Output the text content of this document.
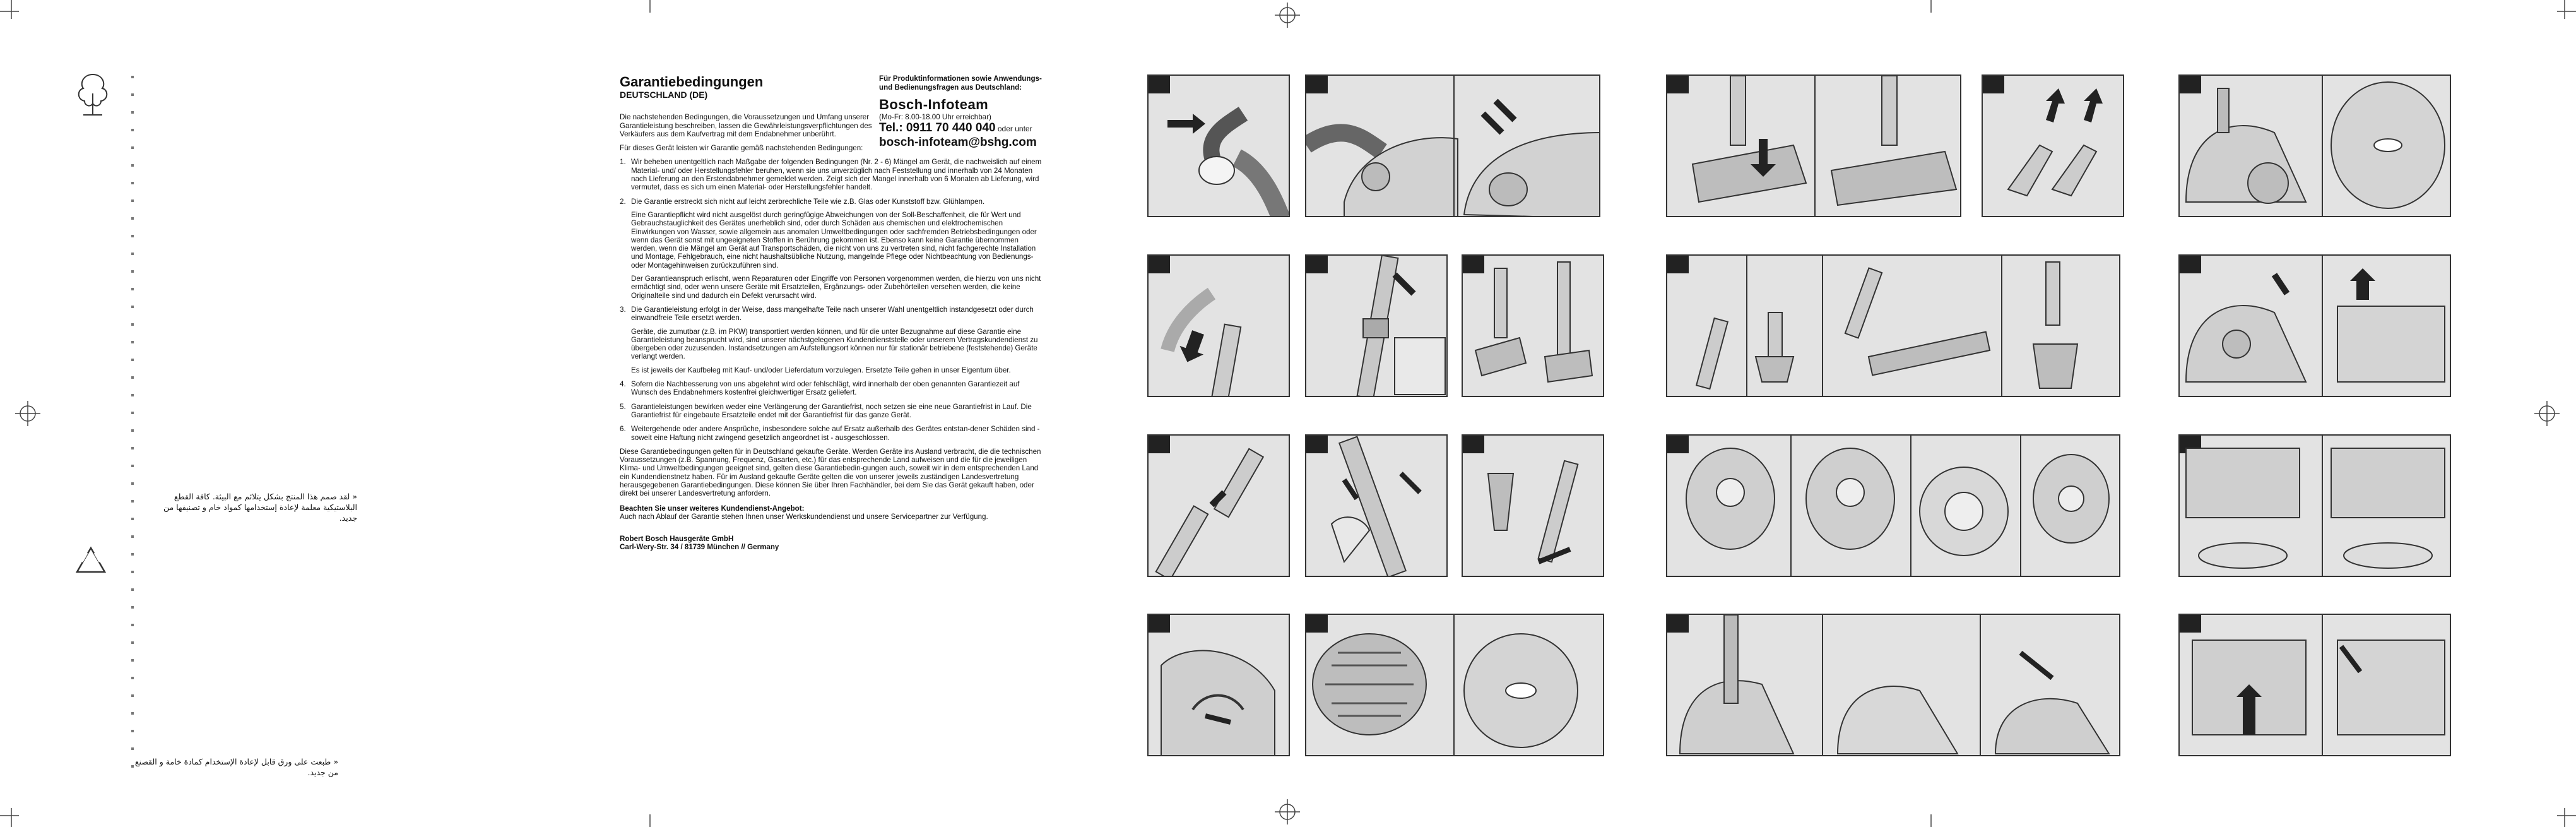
« لقد صمم هذا المنتج بشكل يتلائم مع البيئة. كافة القطع البلاستيكية معلمة لإعادة إستخدامها كمواد خام و تصنيفها من جديد.
« طبعت على ورق قابل لإعادة الإستخدام كمادة خامة و القصنع من جديد.
Garantiebedingungen
DEUTSCHLAND (DE)

Die nachstehenden Bedingungen, die Voraussetzungen und Umfang unserer Garantieleistung beschreiben, lassen die Gewährleistungsverpflichtungen des Verkäufers aus dem Kaufvertrag mit dem Endabnehmer unberührt.

Für dieses Gerät leisten wir Garantie gemäß nachstehenden Bedingungen:

1. Wir beheben unentgeltlich nach Maßgabe der folgenden Bedingungen (Nr. 2 - 6) Mängel am Gerät, die nachweislich auf einem Material- und/ oder Herstellungsfehler beruhen, wenn sie uns unverzüglich nach Feststellung und innerhalb von 24 Monaten nach Lieferung an den Erstendabnehmer gemeldet werden. Zeigt sich der Mangel innerhalb von 6 Monaten ab Lieferung, wird vermutet, dass es sich um einen Material- oder Herstellungsfehler handelt.
2. Die Garantie erstreckt sich nicht auf leicht zerbrechliche Teile wie z.B. Glas oder Kunststoff bzw. Glühlampen.

Eine Garantiepflicht wird nicht ausgelöst durch geringfügige Abweichungen von der Soll-Beschaffenheit, die für Wert und Gebrauchstauglichkeit des Gerätes unerheblich sind, oder durch Schäden aus chemischen und elektrochemischen Einwirkungen von Wasser, sowie allgemein aus anomalen Umweltbedingungen oder sachfremden Betriebsbedingungen oder wenn das Gerät sonst mit ungeeigneten Stoffen in Berührung gekommen ist. Ebenso kann keine Garantie übernommen werden, wenn die Mängel am Gerät auf Transportschäden, die nicht von uns zu vertreten sind, nicht fachgerechte Installation und Montage, Fehlgebrauch, eine nicht haushaltsübliche Nutzung, mangelnde Pflege oder Nichtbeachtung von Bedienungs- oder Montagehinweisen zurückzuführen sind.

Der Garantieanspruch erlischt, wenn Reparaturen oder Eingriffe von Personen vorgenommen werden, die hierzu von uns nicht ermächtigt sind, oder wenn unsere Geräte mit Ersatzteilen, Ergänzungs- oder Zubehörteilen versehen werden, die keine Originalteile sind und dadurch ein Defekt verursacht wird.

3. Die Garantieleistung erfolgt in der Weise, dass mangelhafte Teile nach unserer Wahl unentgeltlich instandgesetzt oder durch einwandfreie Teile ersetzt werden.

Geräte, die zumutbar (z.B. im PKW) transportiert werden können, und für die unter Bezugnahme auf diese Garantie eine Garantieleistung beansprucht wird, sind unserer nächstgelegenen Kundendienststelle oder unserem Vertragskundendienst zu übergeben oder zuzusenden. Instandsetzungen am Aufstellungsort können nur für stationär betriebene (feststehende) Geräte verlangt werden.

Es ist jeweils der Kaufbeleg mit Kauf- und/oder Lieferdatum vorzulegen. Ersetzte Teile gehen in unser Eigentum über.

4. Sofern die Nachbesserung von uns abgelehnt wird oder fehlschlägt, wird innerhalb der oben genannten Garantiezeit auf Wunsch des Endabnehmers kostenfrei gleichwertiger Ersatz geliefert.
5. Garantieleistungen bewirken weder eine Verlängerung der Garantiefrist, noch setzen sie eine neue Garantiefrist in Lauf. Die Garantiefrist für eingebaute Ersatzteile endet mit der Garantiefrist für das ganze Gerät.
6. Weitergehende oder andere Ansprüche, insbesondere solche auf Ersatz außerhalb des Gerätes entstan-dener Schäden sind - soweit eine Haftung nicht zwingend gesetzlich angeordnet ist - ausgeschlossen.

Diese Garantiebedingungen gelten für in Deutschland gekaufte Geräte. Werden Geräte ins Ausland verbracht, die die technischen Voraussetzungen (z.B. Spannung, Frequenz, Gasarten, etc.) für das entsprechende Land aufweisen und die für die jeweiligen Klima- und Umweltbedingungen geeignet sind, gelten diese Garantiebedin-gungen auch, soweit wir in dem entsprechenden Land ein Kundendienstnetz haben. Für im Ausland gekaufte Geräte gelten die von unserer jeweils zuständigen Landesvertretung herausgegebenen Garantiebedingungen. Diese können Sie über Ihren Fachhändler, bei dem Sie das Gerät gekauft haben, oder direkt bei unserer Landesvertretung anfordern.

Beachten Sie unser weiteres Kundendienst-Angebot:
Auch nach Ablauf der Garantie stehen Ihnen unser Werkskundendienst und unsere Servicepartner zur Verfügung.
Robert Bosch Hausgeräte GmbH
Carl-Wery-Str. 34 / 81739 München // Germany
Für Produktinformationen sowie Anwendungs-
und Bedienungsfragen aus Deutschland:
Bosch-Infoteam
(Mo-Fr: 8.00-18.00 Uhr erreichbar)
Tel.: 0911 70 440 040 oder unter
bosch-infoteam@bshg.com
